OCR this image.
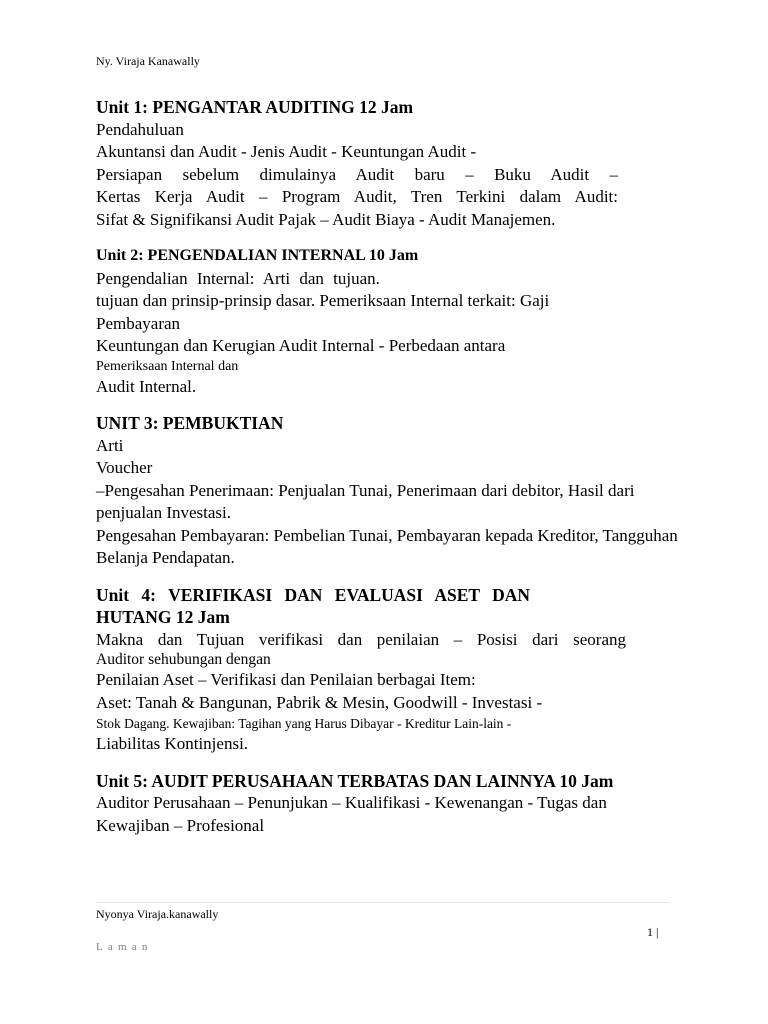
Ny. Viraja Kanawally
Unit 1: PENGANTAR AUDITING 12 Jam
Pendahuluan
Akuntansi dan Audit - Jenis Audit - Keuntungan Audit -
Persiapan sebelum dimulainya Audit baru – Buku Audit –
Kertas Kerja Audit – Program Audit, Tren Terkini dalam Audit:
Sifat & Signifikansi Audit Pajak – Audit Biaya - Audit Manajemen.
Unit 2: PENGENDALIAN INTERNAL 10 Jam
Pengendalian Internal: Arti dan tujuan.
tujuan dan prinsip-prinsip dasar. Pemeriksaan Internal terkait: Gaji
Pembayaran
Keuntungan dan Kerugian Audit Internal - Perbedaan antara
Pemeriksaan Internal dan
Audit Internal.
UNIT 3: PEMBUKTIAN
Arti
Voucher
–Pengesahan Penerimaan: Penjualan Tunai, Penerimaan dari debitor, Hasil dari
penjualan Investasi.
Pengesahan Pembayaran: Pembelian Tunai, Pembayaran kepada Kreditor, Tangguhan
Belanja Pendapatan.
Unit 4: VERIFIKASI DAN EVALUASI ASET DAN
HUTANG 12 Jam
Makna dan Tujuan verifikasi dan penilaian – Posisi dari seorang
Auditor sehubungan dengan
Penilaian Aset – Verifikasi dan Penilaian berbagai Item:
Aset: Tanah & Bangunan, Pabrik & Mesin, Goodwill - Investasi -
Stok Dagang. Kewajiban: Tagihan yang Harus Dibayar - Kreditur Lain-lain -
Liabilitas Kontinjensi.
Unit 5: AUDIT PERUSAHAAN TERBATAS DAN LAINNYA 10 Jam
Auditor Perusahaan – Penunjukan – Kualifikasi - Kewenangan - Tugas dan
Kewajiban – Profesional
Nyonya Viraja.kanawally
1 |
Laman
